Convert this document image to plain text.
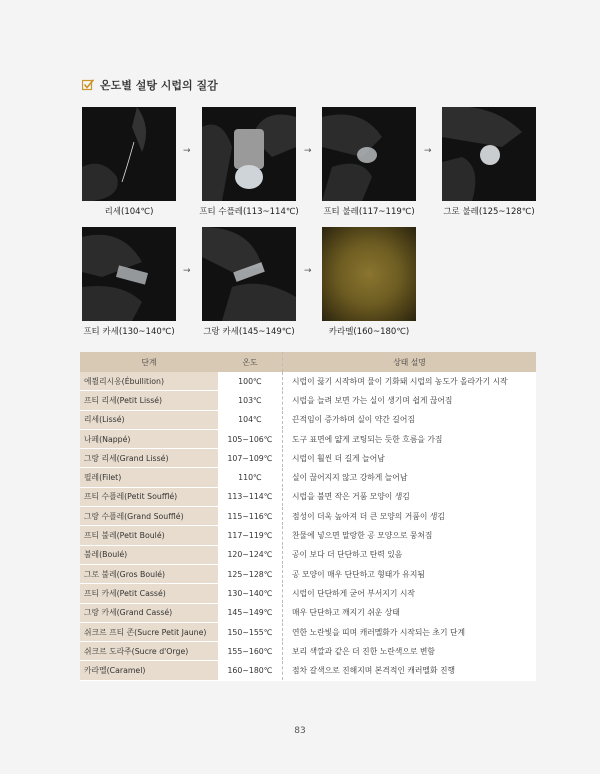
온도별 설탕 시럽의 질감
리세(104℃)
→
프티 수플레(113~114℃)
→
프티 불레(117~119℃)
→
그로 불레(125~128℃)
프티 카세(130~140℃)
→
그랑 카세(145~149℃)
→
카라멜(160~180℃)
단계	온도	상태 설명
에뷜리시옹(Ébullition)	100℃	시럽이 끓기 시작하며 물이 기화돼 시럽의 농도가 올라가기 시작
프티 리세(Petit Lissé)	103℃	시럽을 늘려 보면 가는 실이 생기며 쉽게 끊어짐
리세(Lissé)	104℃	끈적임이 증가하며 실이 약간 길어짐
나페(Nappé)	105~106℃	도구 표면에 얇게 코팅되는 듯한 흐름을 가짐
그랑 리세(Grand Lissé)	107~109℃	시럽이 훨씬 더 길게 늘어남
필레(Filet)	110℃	실이 끊어지지 않고 강하게 늘어남
프티 수플레(Petit Soufflé)	113~114℃	시럽을 불면 작은 거품 모양이 생김
그랑 수플레(Grand Soufflé)	115~116℃	점성이 더욱 높아져 더 큰 모양의 거품이 생김
프티 불레(Petit Boulé)	117~119℃	찬물에 넣으면 말랑한 공 모양으로 뭉쳐짐
불레(Boulé)	120~124℃	공이 보다 더 단단하고 탄력 있음
그로 불레(Gros Boulé)	125~128℃	공 모양이 매우 단단하고 형태가 유지됨
프티 카세(Petit Cassé)	130~140℃	시럽이 단단하게 굳어 부서지기 시작
그랑 카세(Grand Cassé)	145~149℃	매우 단단하고 깨지기 쉬운 상태
쉬크르 프티 존(Sucre Petit Jaune)	150~155℃	연한 노란빛을 띠며 캐러멜화가 시작되는 초기 단계
쉬크르 도라주(Sucre d'Orge)	155~160℃	보리 색깔과 같은 더 진한 노란색으로 변함
카라멜(Caramel)	160~180℃	점차 갈색으로 진해지며 본격적인 캐러멜화 진행
83
